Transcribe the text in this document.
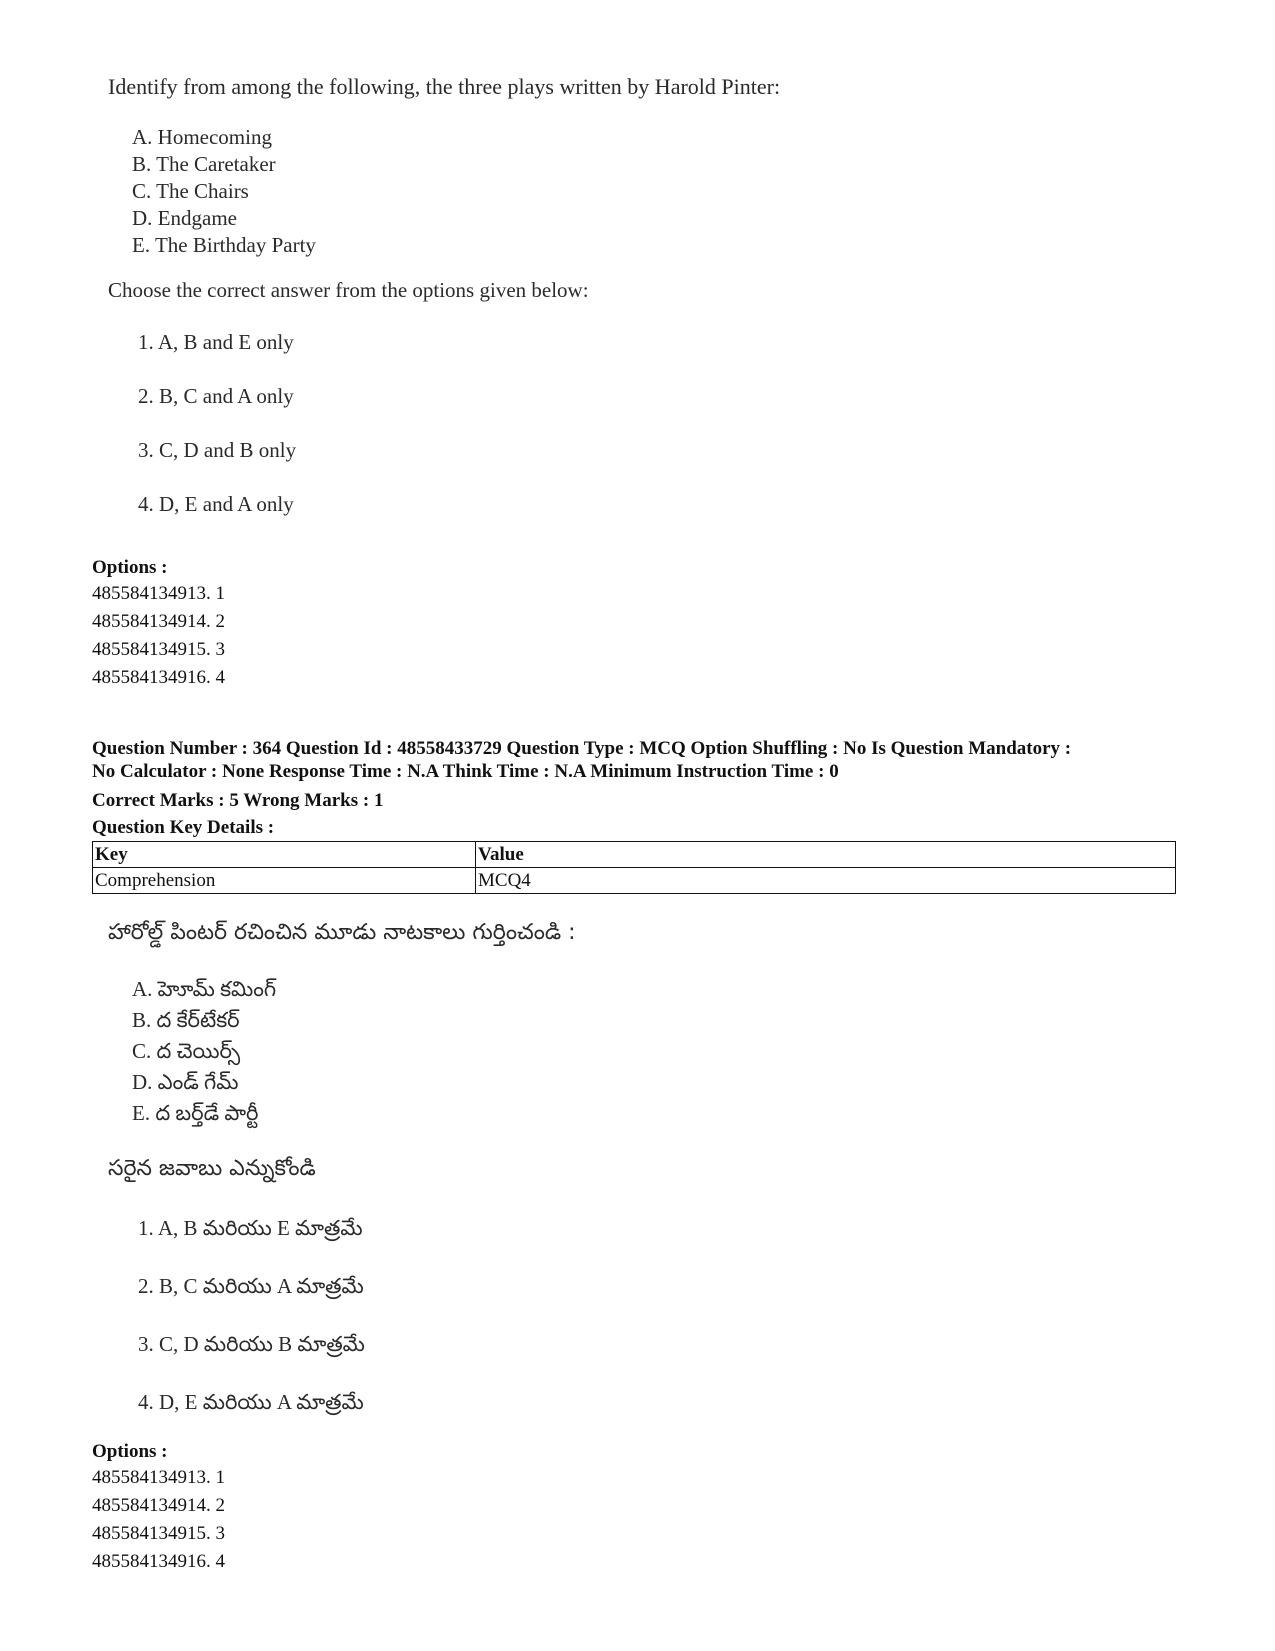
Identify from among the following, the three plays written by Harold Pinter:

A. Homecoming
B. The Caretaker
C. The Chairs
D. Endgame
E. The Birthday Party

Choose the correct answer from the options given below:

1. A, B and E only
2. B, C and A only
3. C, D and B only
4. D, E and A only
Options :
485584134913. 1
485584134914. 2
485584134915. 3
485584134916. 4
Question Number : 364 Question Id : 48558433729 Question Type : MCQ Option Shuffling : No Is Question Mandatory :
No Calculator : None Response Time : N.A Think Time : N.A Minimum Instruction Time : 0
Correct Marks : 5 Wrong Marks : 1
Question Key Details :
Key	Value
Comprehension	MCQ4

హారోల్డ్ పింటర్ రచించిన మూడు నాటకాలు గుర్తించండి :

A. హెూమ్ కమింగ్
B. ద కేర్‌టేకర్
C. ద చెయిర్స్
D. ఎండ్ గేమ్
E. ద బర్త్‌డే పార్టీ

సరైన జవాబు ఎన్నుకోండి

1. A, B మరియు E మాత్రమే
2. B, C మరియు A మాత్రమే
3. C, D మరియు B మాత్రమే
4. D, E మరియు A మాత్రమే
Options :
485584134913. 1
485584134914. 2
485584134915. 3
485584134916. 4
